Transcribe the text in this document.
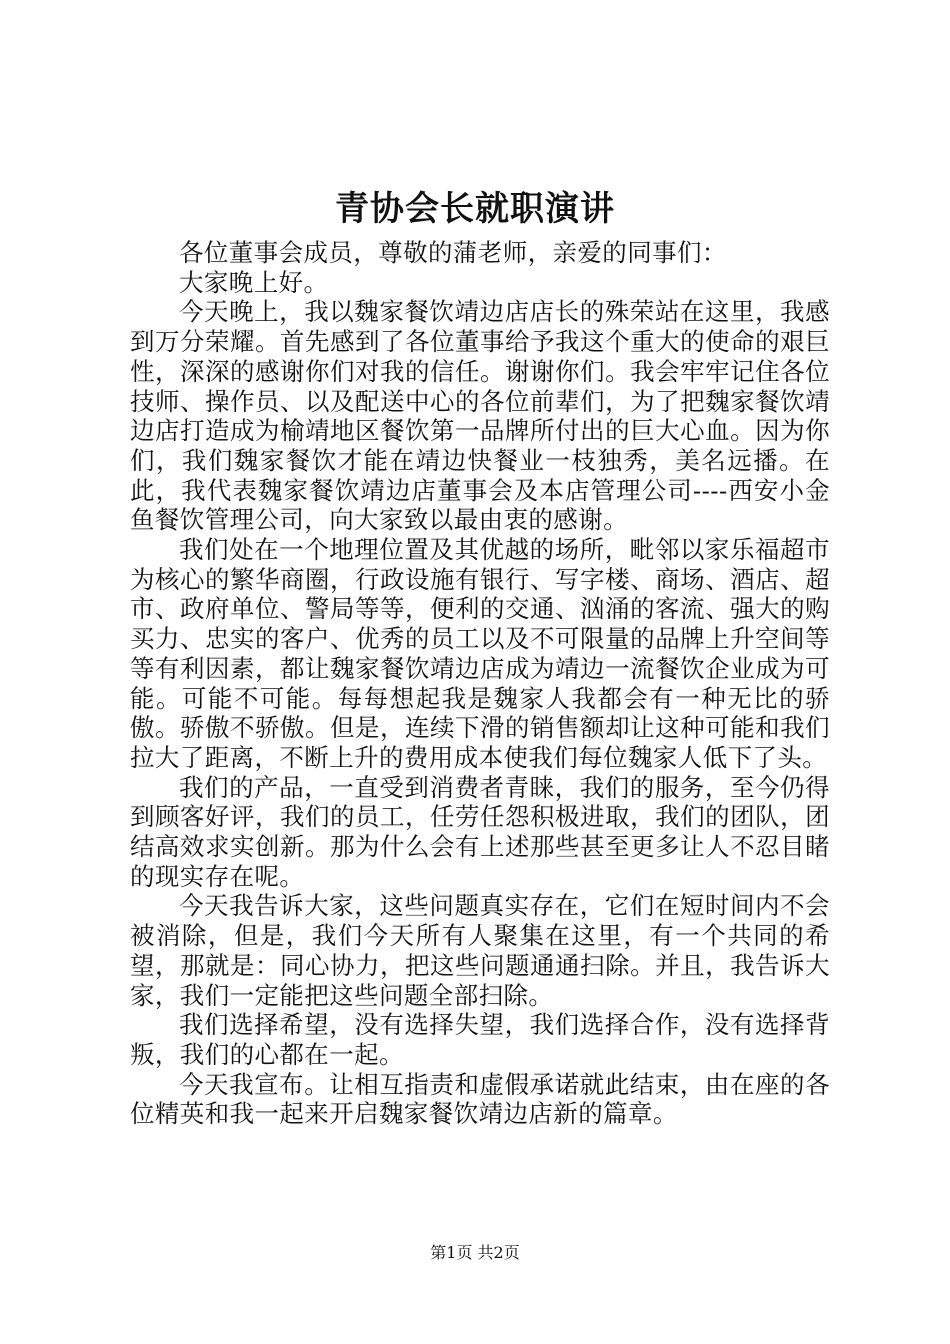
青协会长就职演讲

各位董事会成员，尊敬的蒲老师，亲爱的同事们：

大家晚上好。

今天晚上，我以魏家餐饮靖边店店长的殊荣站在这里，我感到万分荣耀。首先感到了各位董事给予我这个重大的使命的艰巨性，深深的感谢你们对我的信任。谢谢你们。我会牢牢记住各位技师、操作员、以及配送中心的各位前辈们，为了把魏家餐饮靖边店打造成为榆靖地区餐饮第一品牌所付出的巨大心血。因为你们，我们魏家餐饮才能在靖边快餐业一枝独秀，美名远播。在此，我代表魏家餐饮靖边店董事会及本店管理公司----西安小金鱼餐饮管理公司，向大家致以最由衷的感谢。

我们处在一个地理位置及其优越的场所，毗邻以家乐福超市为核心的繁华商圈，行政设施有银行、写字楼、商场、酒店、超市、政府单位、警局等等，便利的交通、汹涌的客流、强大的购买力、忠实的客户、优秀的员工以及不可限量的品牌上升空间等等有利因素，都让魏家餐饮靖边店成为靖边一流餐饮企业成为可能。可能不可能。每每想起我是魏家人我都会有一种无比的骄傲。骄傲不骄傲。但是，连续下滑的销售额却让这种可能和我们拉大了距离，不断上升的费用成本使我们每位魏家人低下了头。

我们的产品，一直受到消费者青睐，我们的服务，至今仍得到顾客好评，我们的员工，任劳任怨积极进取，我们的团队，团结高效求实创新。那为什么会有上述那些甚至更多让人不忍目睹的现实存在呢。

今天我告诉大家，这些问题真实存在，它们在短时间内不会被消除，但是，我们今天所有人聚集在这里，有一个共同的希望，那就是：同心协力，把这些问题通通扫除。并且，我告诉大家，我们一定能把这些问题全部扫除。

我们选择希望，没有选择失望，我们选择合作，没有选择背叛，我们的心都在一起。

今天我宣布。让相互指责和虚假承诺就此结束，由在座的各位精英和我一起来开启魏家餐饮靖边店新的篇章。

第1页 共2页
